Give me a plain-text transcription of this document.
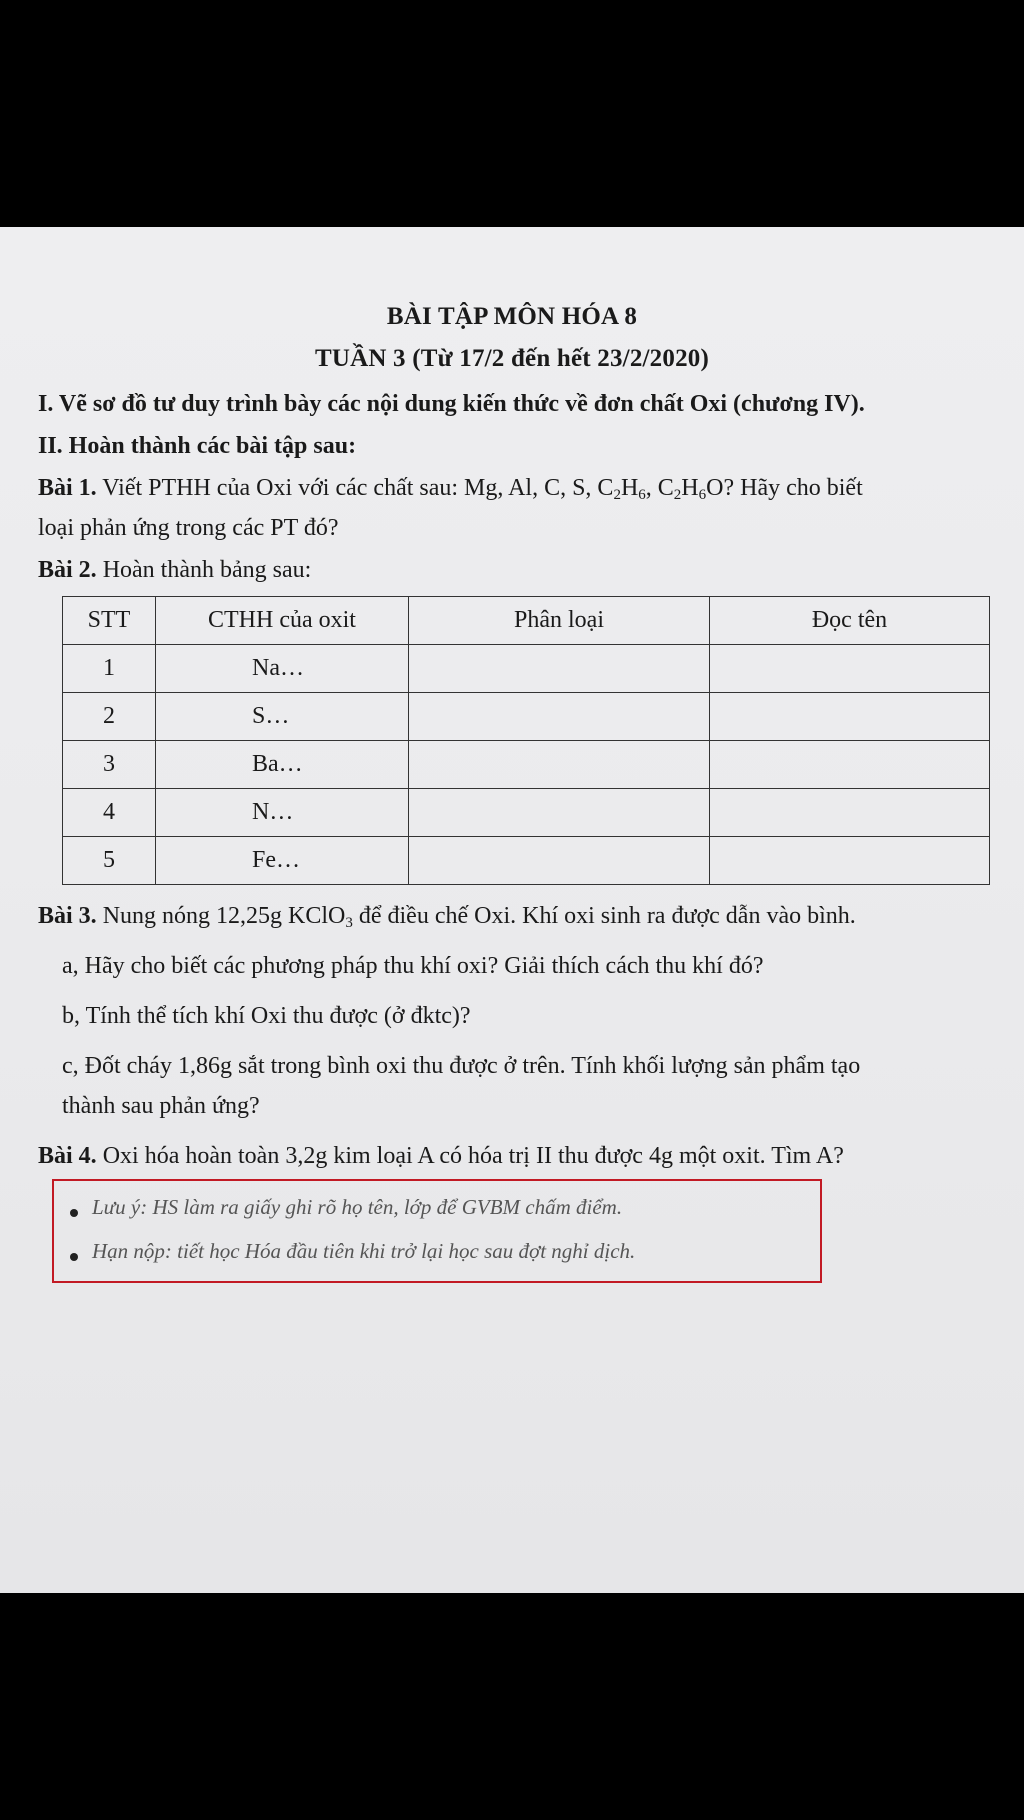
BÀI TẬP MÔN HÓA 8
TUẦN 3 (Từ 17/2 đến hết 23/2/2020)
I. Vẽ sơ đồ tư duy trình bày các nội dung kiến thức về đơn chất Oxi (chương IV).
II. Hoàn thành các bài tập sau:
Bài 1. Viết PTHH của Oxi với các chất sau: Mg, Al, C, S, $C_2H_6$, $C_2H_6O$? Hãy cho biết
loại phản ứng trong các PT đó?
Bài 2. Hoàn thành bảng sau:
STT	CTHH của oxit	Phân loại	Đọc tên
1	Na…		
2	S…		
3	Ba…		
4	N…		
5	Fe…		
Bài 3. Nung nóng 12,25g KClO$_3$ để điều chế Oxi. Khí oxi sinh ra được dẫn vào bình.
a, Hãy cho biết các phương pháp thu khí oxi? Giải thích cách thu khí đó?
b, Tính thể tích khí Oxi thu được (ở đktc)?
c, Đốt cháy 1,86g sắt trong bình oxi thu được ở trên. Tính khối lượng sản phẩm tạo
thành sau phản ứng?
Bài 4. Oxi hóa hoàn toàn 3,2g kim loại A có hóa trị II thu được 4g một oxit. Tìm A?
Lưu ý: HS làm ra giấy ghi rõ họ tên, lớp để GVBM chấm điểm.
Hạn nộp: tiết học Hóa đầu tiên khi trở lại học sau đợt nghỉ dịch.
